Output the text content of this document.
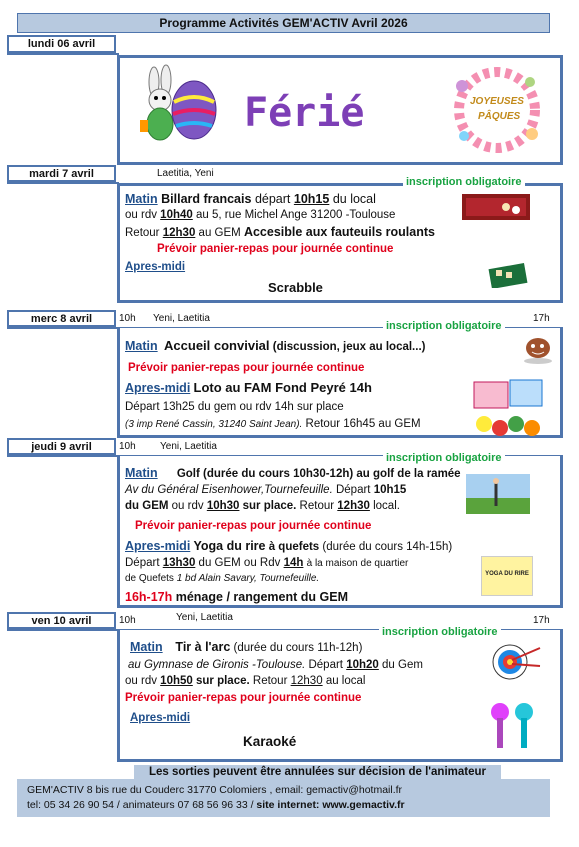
Programme Activités GEM'ACTIV Avril 2026
lundi 06 avril
Férié	JOYEUSES
PÂQUES
mardi 7 avril	Laetitia, Yeni
inscription obligatoire
Matin Billard francais départ 10h15 du local
ou rdv 10h40 au 5, rue Michel Ange 31200 -Toulouse
Retour 12h30 au GEM Accesible aux fauteuils roulants
Prévoir panier-repas pour journée continue
Apres-midi
Scrabble
merc 8 avril	10h Yeni, Laetitia	17h
inscription obligatoire
Matin Accueil convivial (discussion, jeux au local...)
Prévoir panier-repas pour journée continue
Apres-midi Loto au FAM Fond Peyré 14h
Départ 13h25 du gem ou rdv 14h sur place
(3 imp René Cassin, 31240 Saint Jean). Retour 16h45 au GEM
jeudi 9 avril	10h Yeni, Laetitia
inscription obligatoire
Matin Golf (durée du cours 10h30-12h) au golf de la ramée
Av du Général Eisenhower,Tournefeuille. Départ 10h15
du GEM ou rdv 10h30 sur place. Retour 12h30 local.
Prévoir panier-repas pour journée continue
Apres-midi Yoga du rire à quefets (durée du cours 14h-15h)
Départ 13h30 du GEM ou Rdv 14h à la maison de quartier
de Quefets 1 bd Alain Savary, Tournefeuille.
16h-17h ménage / rangement du GEM
YOGA DU RIRE
ven 10 avril	10h	Yeni, Laetitia	17h
inscription obligatoire
Matin Tir à l'arc (durée du cours 11h-12h)
au Gymnase de Gironis -Toulouse. Départ 10h20 du Gem
ou rdv 10h50 sur place. Retour 12h30 au local
Prévoir panier-repas pour journée continue
Apres-midi
Karaoké
Les sorties peuvent être annulées sur décision de l'animateur
GEM'ACTIV 8 bis rue du Couderc 31770 Colomiers , email: gemactiv@hotmail.fr
tel: 05 34 26 90 54 / animateurs 07 68 56 96 33 / site internet: www.gemactiv.fr
